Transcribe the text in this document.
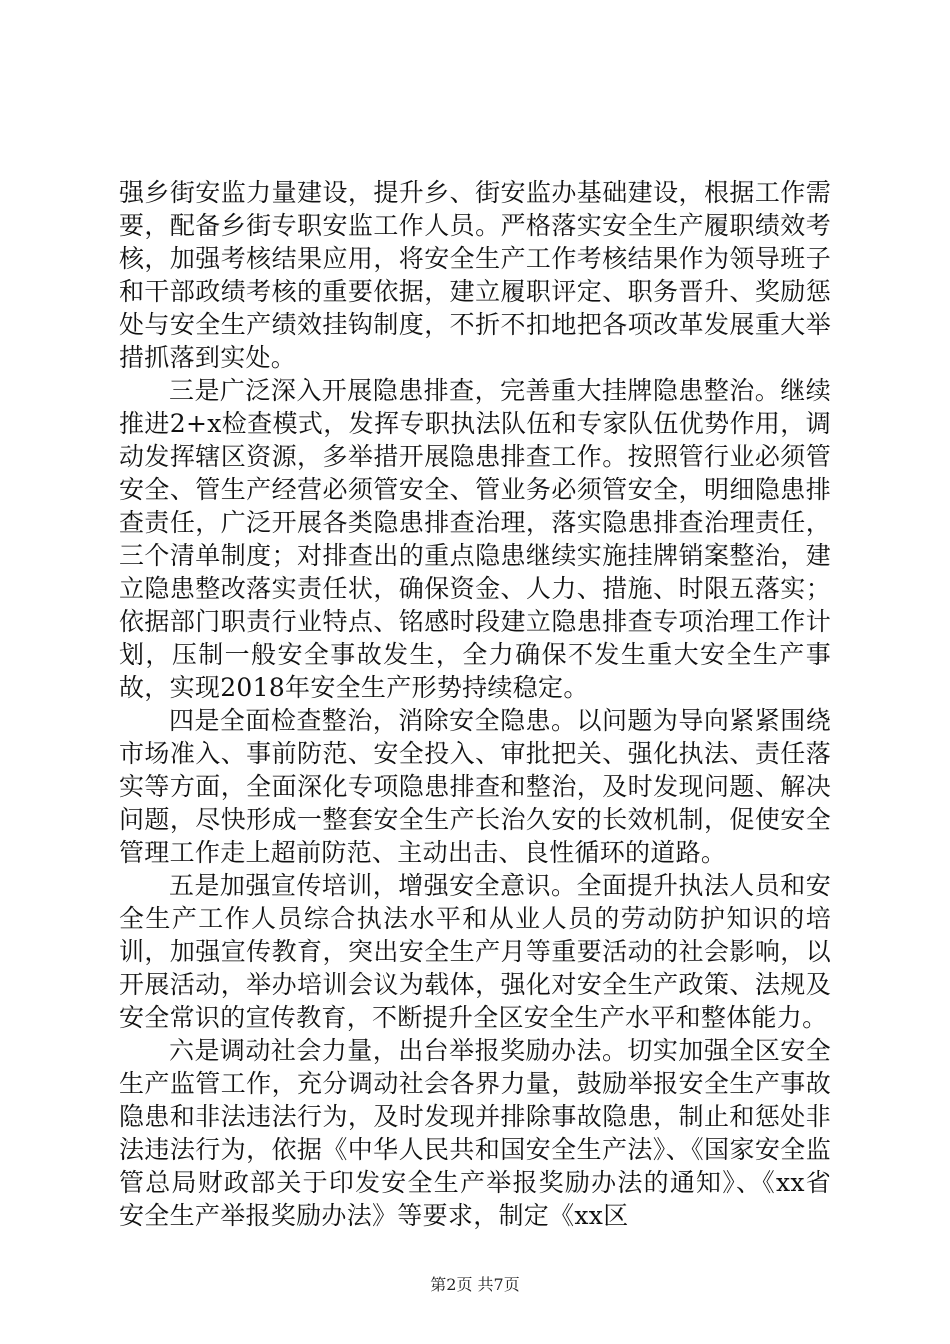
强乡街安监力量建设，提升乡、街安监办基础建设，根据工作需要，配备乡街专职安监工作人员。严格落实安全生产履职绩效考核，加强考核结果应用，将安全生产工作考核结果作为领导班子和干部政绩考核的重要依据，建立履职评定、职务晋升、奖励惩处与安全生产绩效挂钩制度，不折不扣地把各项改革发展重大举措抓落到实处。

三是广泛深入开展隐患排查，完善重大挂牌隐患整治。继续推进2+x检查模式，发挥专职执法队伍和专家队伍优势作用，调动发挥辖区资源，多举措开展隐患排查工作。按照管行业必须管安全、管生产经营必须管安全、管业务必须管安全，明细隐患排查责任，广泛开展各类隐患排查治理，落实隐患排查治理责任，三个清单制度；对排查出的重点隐患继续实施挂牌销案整治，建立隐患整改落实责任状，确保资金、人力、措施、时限五落实；依据部门职责行业特点、铭感时段建立隐患排查专项治理工作计划，压制一般安全事故发生，全力确保不发生重大安全生产事故，实现2018年安全生产形势持续稳定。

四是全面检查整治，消除安全隐患。以问题为导向紧紧围绕市场准入、事前防范、安全投入、审批把关、强化执法、责任落实等方面，全面深化专项隐患排查和整治，及时发现问题、解决问题，尽快形成一整套安全生产长治久安的长效机制，促使安全管理工作走上超前防范、主动出击、良性循环的道路。

五是加强宣传培训，增强安全意识。全面提升执法人员和安全生产工作人员综合执法水平和从业人员的劳动防护知识的培训，加强宣传教育，突出安全生产月等重要活动的社会影响，以开展活动，举办培训会议为载体，强化对安全生产政策、法规及安全常识的宣传教育，不断提升全区安全生产水平和整体能力。

六是调动社会力量，出台举报奖励办法。切实加强全区安全生产监管工作，充分调动社会各界力量，鼓励举报安全生产事故隐患和非法违法行为，及时发现并排除事故隐患，制止和惩处非法违法行为，依据《中华人民共和国安全生产法》、《国家安全监管总局财政部关于印发安全生产举报奖励办法的通知》、《xx省安全生产举报奖励办法》等要求，制定《xx区

第2页 共7页
